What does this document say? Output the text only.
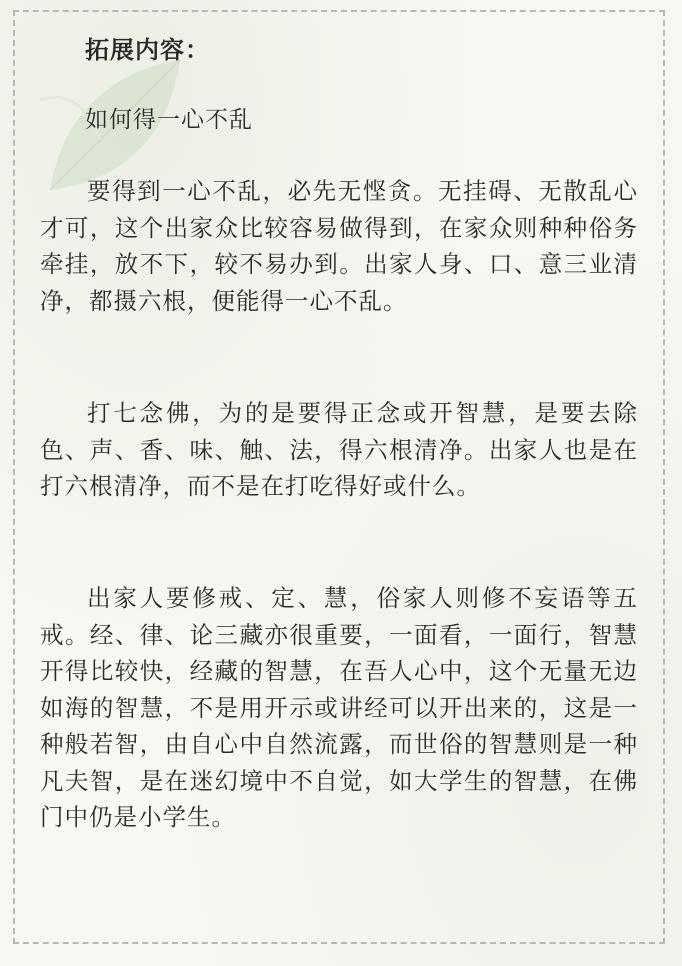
拓展内容：
如何得一心不乱

要得到一心不乱，必先无悭贪。无挂碍、无散乱心才可，这个出家众比较容易做得到，在家众则种种俗务牵挂，放不下，较不易办到。出家人身、口、意三业清净，都摄六根，便能得一心不乱。

打七念佛，为的是要得正念或开智慧，是要去除色、声、香、味、触、法，得六根清净。出家人也是在打六根清净，而不是在打吃得好或什么。

出家人要修戒、定、慧，俗家人则修不妄语等五戒。经、律、论三藏亦很重要，一面看，一面行，智慧开得比较快，经藏的智慧，在吾人心中，这个无量无边如海的智慧，不是用开示或讲经可以开出来的，这是一种般若智，由自心中自然流露，而世俗的智慧则是一种凡夫智，是在迷幻境中不自觉，如大学生的智慧，在佛门中仍是小学生。
